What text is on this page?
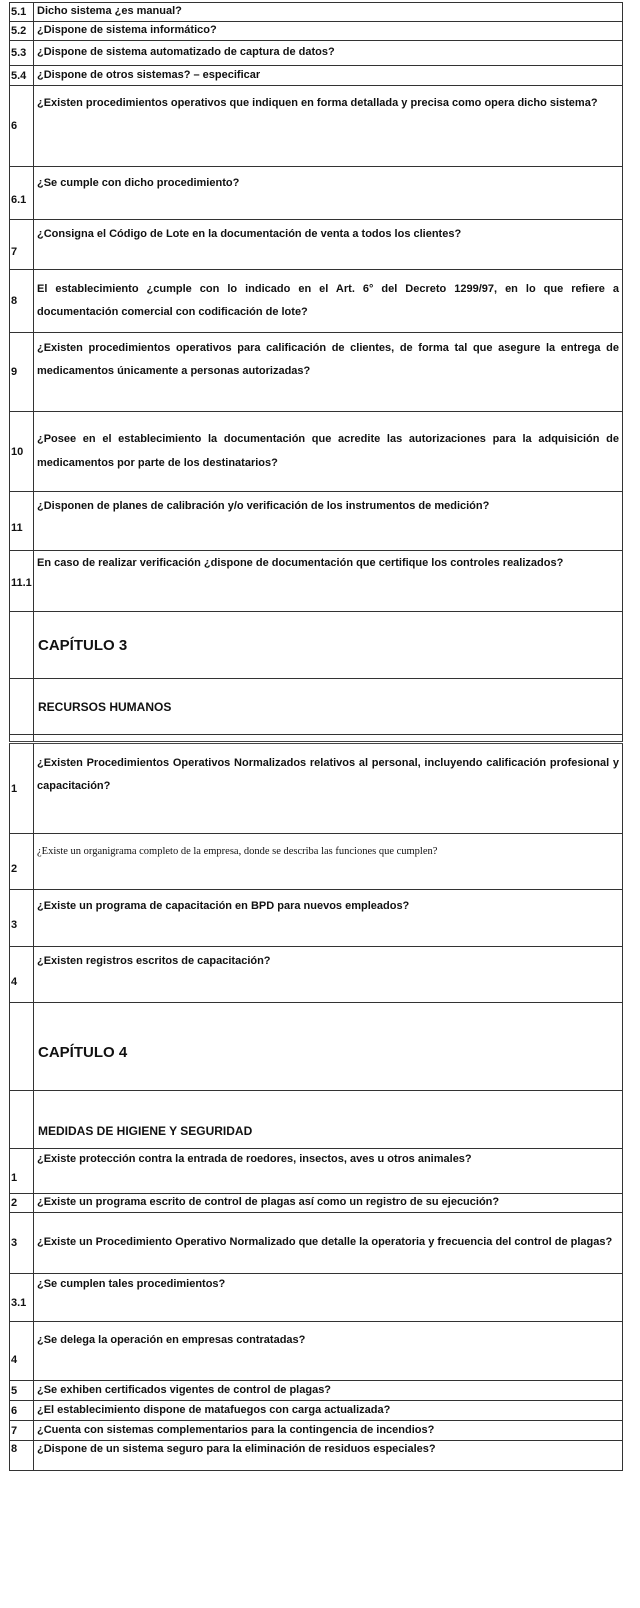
5.1	Dicho sistema ¿es manual?
5.2	¿Dispone de sistema informático?
5.3	¿Dispone de sistema automatizado de captura de datos?
5.4	¿Dispone de otros sistemas? – especificar
6	¿Existen procedimientos operativos que indiquen en forma detallada y precisa como opera dicho sistema?
6.1	¿Se cumple con dicho procedimiento?
7	¿Consigna el Código de Lote en la documentación de venta a todos los clientes?
8	El establecimiento ¿cumple con lo indicado en el Art. 6° del Decreto 1299/97, en lo que refiere a documentación comercial con codificación de lote?
9	¿Existen procedimientos operativos para calificación de clientes, de forma tal que asegure la entrega de medicamentos únicamente a personas autorizadas?
10	¿Posee en el establecimiento la documentación que acredite las autorizaciones para la adquisición de medicamentos por parte de los destinatarios?
11	¿Disponen de planes de calibración y/o verificación de los instrumentos de medición?
11.1	En caso de realizar verificación ¿dispone de documentación que certifique los controles realizados?
	CAPÍTULO 3
	RECURSOS HUMANOS

1	¿Existen Procedimientos Operativos Normalizados relativos al personal, incluyendo calificación profesional y capacitación?
2	¿Existe un organigrama completo de la empresa, donde se describa las funciones que cumplen?
3	¿Existe un programa de capacitación en BPD para nuevos empleados?
4	¿Existen registros escritos de capacitación?
	CAPÍTULO 4
	MEDIDAS DE HIGIENE Y SEGURIDAD
1	¿Existe protección contra la entrada de roedores, insectos, aves u otros animales?
2	¿Existe un programa escrito de control de plagas así como un registro de su ejecución?
3	¿Existe un Procedimiento Operativo Normalizado que detalle la operatoria y frecuencia del control de plagas?
3.1	¿Se cumplen tales procedimientos?
4	¿Se delega la operación en empresas contratadas?
5	¿Se exhiben certificados vigentes de control de plagas?
6	¿El establecimiento dispone de matafuegos con carga actualizada?
7	¿Cuenta con sistemas complementarios para la contingencia de incendios?
8	¿Dispone de un sistema seguro para la eliminación de residuos especiales?
